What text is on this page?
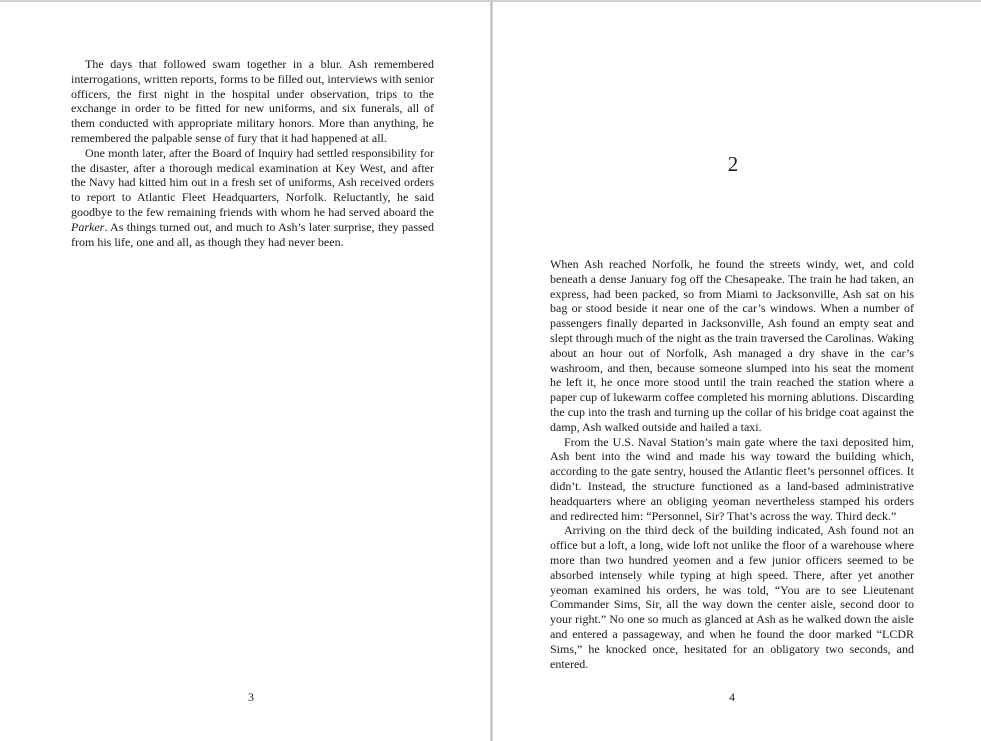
The days that followed swam together in a blur. Ash remembered interrogations, written reports, forms to be filled out, interviews with senior officers, the first night in the hospital under observation, trips to the exchange in order to be fitted for new uniforms, and six funerals, all of them conducted with appropriate military honors. More than anything, he remembered the palpable sense of fury that it had happened at all.

One month later, after the Board of Inquiry had settled responsibility for the disaster, after a thorough medical examination at Key West, and after the Navy had kitted him out in a fresh set of uniforms, Ash received orders to report to Atlantic Fleet Headquarters, Norfolk. Reluctantly, he said goodbye to the few remaining friends with whom he had served aboard the Parker. As things turned out, and much to Ash’s later surprise, they passed from his life, one and all, as though they had never been.

3
2

When Ash reached Norfolk, he found the streets windy, wet, and cold beneath a dense January fog off the Chesapeake. The train he had taken, an express, had been packed, so from Miami to Jacksonville, Ash sat on his bag or stood beside it near one of the car’s windows. When a number of passengers finally departed in Jacksonville, Ash found an empty seat and slept through much of the night as the train traversed the Carolinas. Waking about an hour out of Norfolk, Ash managed a dry shave in the car’s washroom, and then, because someone slumped into his seat the moment he left it, he once more stood until the train reached the station where a paper cup of lukewarm coffee completed his morning ablutions. Discarding the cup into the trash and turning up the collar of his bridge coat against the damp, Ash walked outside and hailed a taxi.

From the U.S. Naval Station’s main gate where the taxi deposited him, Ash bent into the wind and made his way toward the building which, according to the gate sentry, housed the Atlantic fleet’s personnel offices. It didn’t. Instead, the structure functioned as a land-based administrative headquarters where an obliging yeoman nevertheless stamped his orders and redirected him: “Personnel, Sir? That’s across the way. Third deck.”

Arriving on the third deck of the building indicated, Ash found not an office but a loft, a long, wide loft not unlike the floor of a warehouse where more than two hundred yeomen and a few junior officers seemed to be absorbed intensely while typing at high speed. There, after yet another yeoman examined his orders, he was told, “You are to see Lieutenant Commander Sims, Sir, all the way down the center aisle, second door to your right.” No one so much as glanced at Ash as he walked down the aisle and entered a passageway, and when he found the door marked “LCDR Sims,” he knocked once, hesitated for an obligatory two seconds, and entered.

4
